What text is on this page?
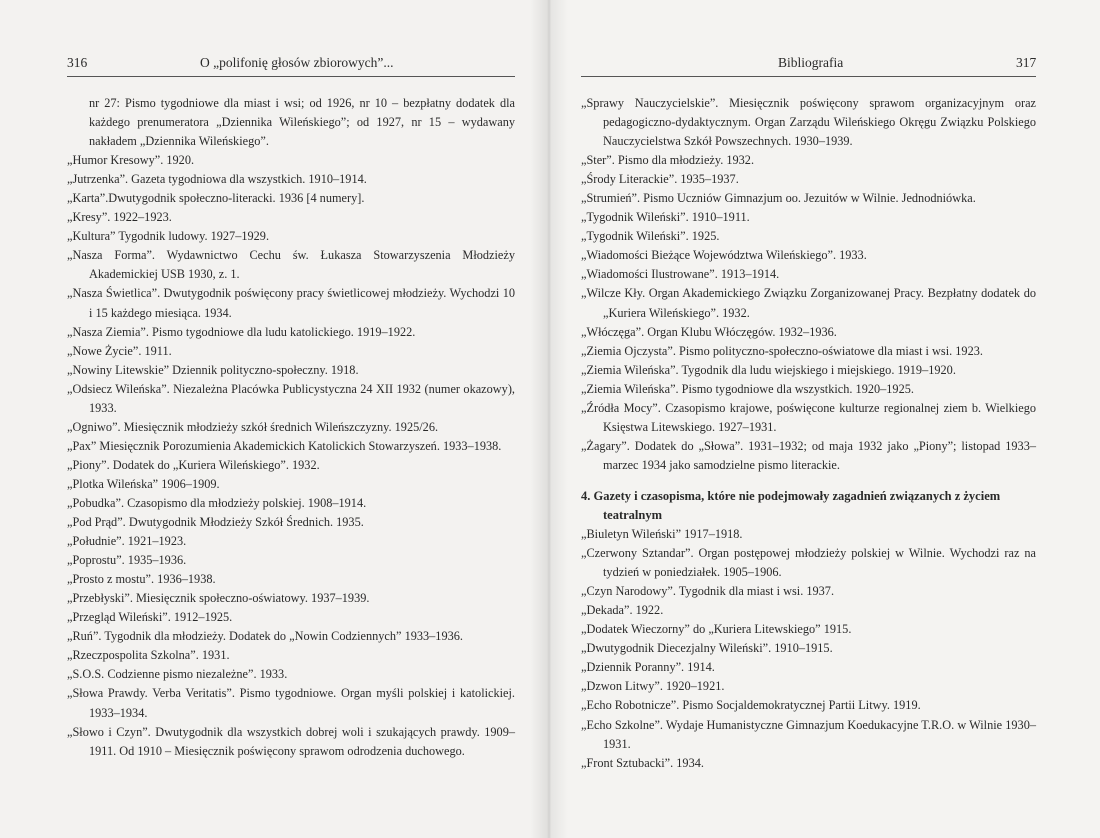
316	O „polifonię głosów zbiorowych”...
nr 27: Pismo tygodniowe dla miast i wsi; od 1926, nr 10 – bezpłatny dodatek dla każdego prenumeratora „Dziennika Wileńskiego”; od 1927, nr 15 – wydawany nakładem „Dziennika Wileńskiego”.
„Humor Kresowy”. 1920.
„Jutrzenka”. Gazeta tygodniowa dla wszystkich. 1910–1914.
„Karta”.Dwutygodnik społeczno-literacki. 1936 [4 numery].
„Kresy”. 1922–1923.
„Kultura” Tygodnik ludowy. 1927–1929.
„Nasza Forma”. Wydawnictwo Cechu św. Łukasza Stowarzyszenia Młodzieży Akademickiej USB 1930, z. 1.
„Nasza Świetlica”. Dwutygodnik poświęcony pracy świetlicowej młodzieży. Wychodzi 10 i 15 każdego miesiąca. 1934.
„Nasza Ziemia”. Pismo tygodniowe dla ludu katolickiego. 1919–1922.
„Nowe Życie”. 1911.
„Nowiny Litewskie” Dziennik polityczno-społeczny. 1918.
„Odsiecz Wileńska”. Niezależna Placówka Publicystyczna 24 XII 1932 (numer okazowy), 1933.
„Ogniwo”. Miesięcznik młodzieży szkół średnich Wileńszczyzny. 1925/26.
„Pax” Miesięcznik Porozumienia Akademickich Katolickich Stowarzyszeń. 1933–1938.
„Piony”. Dodatek do „Kuriera Wileńskiego”. 1932.
„Plotka Wileńska” 1906–1909.
„Pobudka”. Czasopismo dla młodzieży polskiej. 1908–1914.
„Pod Prąd”. Dwutygodnik Młodzieży Szkół Średnich. 1935.
„Południe”. 1921–1923.
„Poprostu”. 1935–1936.
„Prosto z mostu”. 1936–1938.
„Przebłyski”. Miesięcznik społeczno-oświatowy. 1937–1939.
„Przegląd Wileński”. 1912–1925.
„Ruń”. Tygodnik dla młodzieży. Dodatek do „Nowin Codziennych” 1933–1936.
„Rzeczpospolita Szkolna”. 1931.
„S.O.S. Codzienne pismo niezależne”. 1933.
„Słowa Prawdy. Verba Veritatis”. Pismo tygodniowe. Organ myśli polskiej i katolickiej. 1933–1934.
„Słowo i Czyn”. Dwutygodnik dla wszystkich dobrej woli i szukających prawdy. 1909–1911. Od 1910 – Miesięcznik poświęcony sprawom odrodzenia duchowego.
Bibliografia	317
„Sprawy Nauczycielskie”. Miesięcznik poświęcony sprawom organizacyjnym oraz pedagogiczno-dydaktycznym. Organ Zarządu Wileńskiego Okręgu Związku Polskiego Nauczycielstwa Szkół Powszechnych. 1930–1939.
„Ster”. Pismo dla młodzieży. 1932.
„Środy Literackie”. 1935–1937.
„Strumień”. Pismo Uczniów Gimnazjum oo. Jezuitów w Wilnie. Jednodniówka.
„Tygodnik Wileński”. 1910–1911.
„Tygodnik Wileński”. 1925.
„Wiadomości Bieżące Województwa Wileńskiego”. 1933.
„Wiadomości Ilustrowane”. 1913–1914.
„Wilcze Kły. Organ Akademickiego Związku Zorganizowanej Pracy. Bezpłatny dodatek do „Kuriera Wileńskiego”. 1932.
„Włóczęga”. Organ Klubu Włóczęgów. 1932–1936.
„Ziemia Ojczysta”. Pismo polityczno-społeczno-oświatowe dla miast i wsi. 1923.
„Ziemia Wileńska”. Tygodnik dla ludu wiejskiego i miejskiego. 1919–1920.
„Ziemia Wileńska”. Pismo tygodniowe dla wszystkich. 1920–1925.
„Źródła Mocy”. Czasopismo krajowe, poświęcone kulturze regionalnej ziem b. Wielkiego Księstwa Litewskiego. 1927–1931.
„Żagary”. Dodatek do „Słowa”. 1931–1932; od maja 1932 jako „Piony”; listopad 1933–marzec 1934 jako samodzielne pismo literackie.
4. Gazety i czasopisma, które nie podejmowały zagadnień związanych z życiem teatralnym
„Biuletyn Wileński” 1917–1918.
„Czerwony Sztandar”. Organ postępowej młodzieży polskiej w Wilnie. Wychodzi raz na tydzień w poniedziałek. 1905–1906.
„Czyn Narodowy”. Tygodnik dla miast i wsi. 1937.
„Dekada”. 1922.
„Dodatek Wieczorny” do „Kuriera Litewskiego” 1915.
„Dwutygodnik Diecezjalny Wileński”. 1910–1915.
„Dziennik Poranny”. 1914.
„Dzwon Litwy”. 1920–1921.
„Echo Robotnicze”. Pismo Socjaldemokratycznej Partii Litwy. 1919.
„Echo Szkolne”. Wydaje Humanistyczne Gimnazjum Koedukacyjne T.R.O. w Wilnie 1930–1931.
„Front Sztubacki”. 1934.
